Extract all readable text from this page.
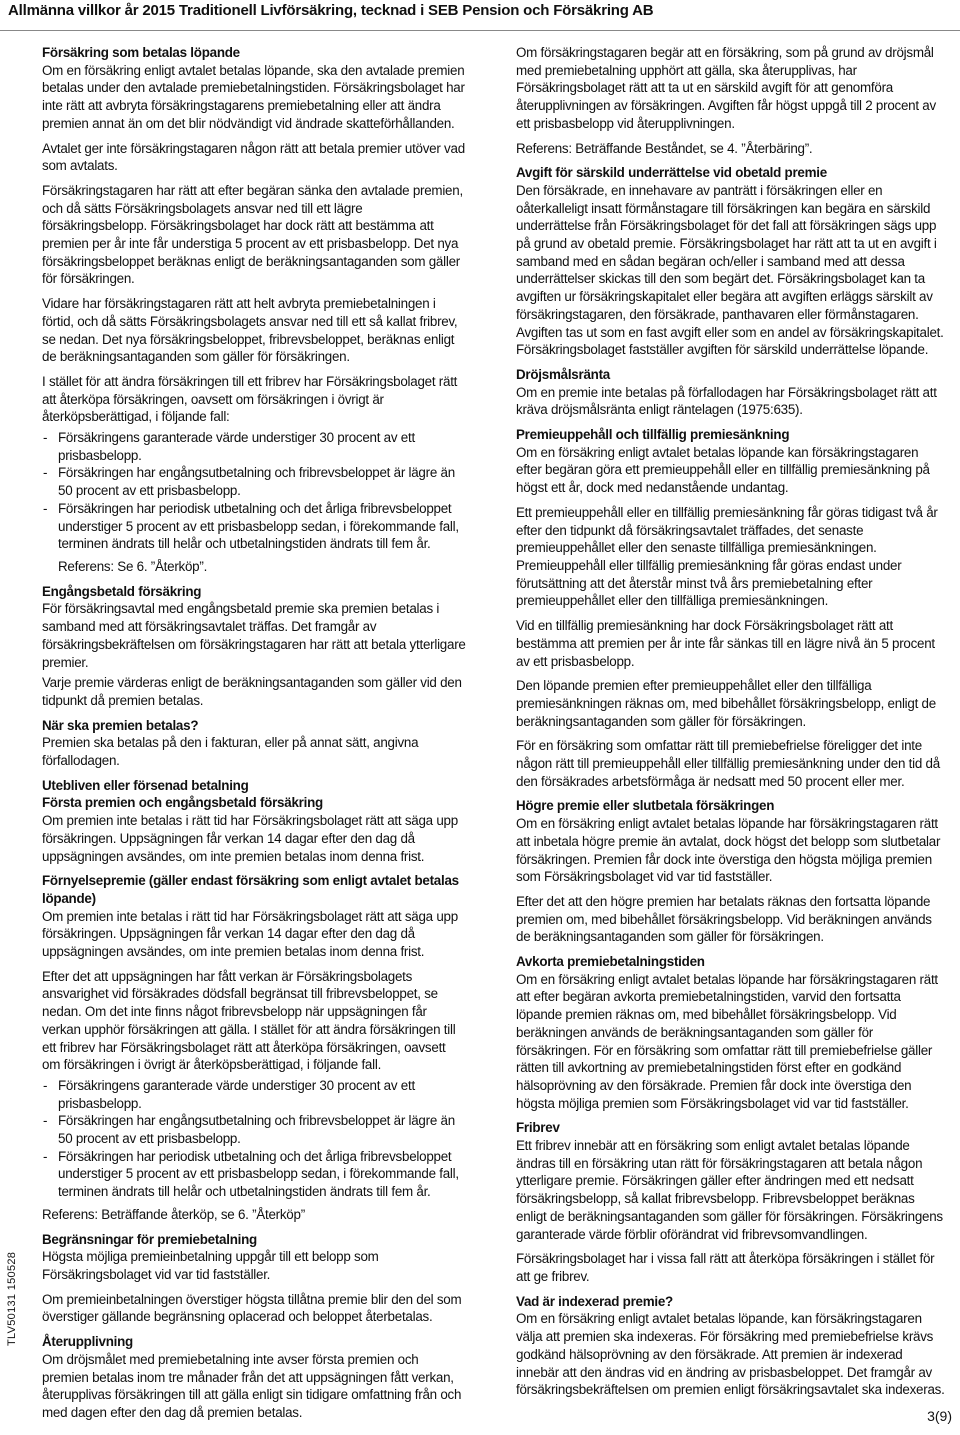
Allmänna villkor år 2015 Traditionell Livförsäkring, tecknad i SEB Pension och Försäkring AB

Försäkring som betalas löpande

Om en försäkring enligt avtalet betalas löpande, ska den avtalade premien betalas under den avtalade premiebetalningstiden. Försäkringsbolaget har inte rätt att avbryta försäkringstagarens premiebetalning eller att ändra premien annat än om det blir nödvändigt vid ändrade skatteförhållanden.

Avtalet ger inte försäkringstagaren någon rätt att betala premier utöver vad som avtalats.

Försäkringstagaren har rätt att efter begäran sänka den avtalade premien, och då sätts Försäkringsbolagets ansvar ned till ett lägre försäkringsbelopp. Försäkringsbolaget har dock rätt att bestämma att premien per år inte får understiga 5 procent av ett prisbasbelopp. Det nya försäkringsbeloppet beräknas enligt de beräkningsantaganden som gäller för försäkringen.

Vidare har försäkringstagaren rätt att helt avbryta premiebetalningen i förtid, och då sätts Försäkringsbolagets ansvar ned till ett så kallat fribrev, se nedan. Det nya försäkringsbeloppet, fribrevsbeloppet, beräknas enligt de beräkningsantaganden som gäller för försäkringen.

I stället för att ändra försäkringen till ett fribrev har Försäkringsbolaget rätt att återköpa försäkringen, oavsett om försäkringen i övrigt är återköpsberättigad, i följande fall:

- Försäkringens garanterade värde understiger 30 procent av ett prisbasbelopp.
- Försäkringen har engångsutbetalning och fribrevsbeloppet är lägre än 50 procent av ett prisbasbelopp.
- Försäkringen har periodisk utbetalning och det årliga fribrevsbeloppet understiger 5 procent av ett prisbasbelopp sedan, i förekommande fall, terminen ändrats till helår och utbetalningstiden ändrats till fem år.

Referens: Se 6. ”Återköp”.

Engångsbetald försäkring

För försäkringsavtal med engångsbetald premie ska premien betalas i samband med att försäkringsavtalet träffas. Det framgår av försäkringsbekräftelsen om försäkringstagaren har rätt att betala ytterligare premier.

Varje premie värderas enligt de beräkningsantaganden som gäller vid den tidpunkt då premien betalas.

När ska premien betalas?

Premien ska betalas på den i fakturan, eller på annat sätt, angivna förfallodagen.

Utebliven eller försenad betalning

Första premien och engångsbetald försäkring

Om premien inte betalas i rätt tid har Försäkringsbolaget rätt att säga upp försäkringen. Uppsägningen får verkan 14 dagar efter den dag då uppsägningen avsändes, om inte premien betalas inom denna frist.

Förnyelsepremie (gäller endast försäkring som enligt avtalet betalas löpande)

Om premien inte betalas i rätt tid har Försäkringsbolaget rätt att säga upp försäkringen. Uppsägningen får verkan 14 dagar efter den dag då uppsägningen avsändes, om inte premien betalas inom denna frist.

Efter det att uppsägningen har fått verkan är Försäkringsbolagets ansvarighet vid försäkrades dödsfall begränsat till fribrevsbeloppet, se nedan. Om det inte finns något fribrevsbelopp när uppsägningen får verkan upphör försäkringen att gälla. I stället för att ändra försäkringen till ett fribrev har Försäkringsbolaget rätt att återköpa försäkringen, oavsett om försäkringen i övrigt är återköpsberättigad, i följande fall.

- Försäkringens garanterade värde understiger 30 procent av ett prisbasbelopp.
- Försäkringen har engångsutbetalning och fribrevsbeloppet är lägre än 50 procent av ett prisbasbelopp.
- Försäkringen har periodisk utbetalning och det årliga fribrevsbeloppet understiger 5 procent av ett prisbasbelopp sedan, i förekommande fall, terminen ändrats till helår och utbetalningstiden ändrats till fem år.

Referens: Beträffande återköp, se 6. ”Återköp”

Begränsningar för premiebetalning

Högsta möjliga premieinbetalning uppgår till ett belopp som Försäkringsbolaget vid var tid fastställer.

Om premieinbetalningen överstiger högsta tillåtna premie blir den del som överstiger gällande begränsning oplacerad och beloppet återbetalas.

Återupplivning

Om dröjsmålet med premiebetalning inte avser första premien och premien betalas inom tre månader från det att uppsägningen fått verkan, återupplivas försäkringen till att gälla enligt sin tidigare omfattning från och med dagen efter den dag då premien betalas.

Om försäkringstagaren begär att en försäkring, som på grund av dröjsmål med premiebetalning upphört att gälla, ska återupplivas, har Försäkringsbolaget rätt att ta ut en särskild avgift för att genomföra återupplivningen av försäkringen. Avgiften får högst uppgå till 2 procent av ett prisbasbelopp vid återupplivningen.

Referens: Beträffande Beståndet, se 4. ”Återbäring”.

Avgift för särskild underrättelse vid obetald premie

Den försäkrade, en innehavare av panträtt i försäkringen eller en oåterkalleligt insatt förmånstagare till försäkringen kan begära en särskild underrättelse från Försäkringsbolaget för det fall att försäkringen sägs upp på grund av obetald premie. Försäkringsbolaget har rätt att ta ut en avgift i samband med en sådan begäran och/eller i samband med att dessa underrättelser skickas till den som begärt det. Försäkringsbolaget kan ta avgiften ur försäkringskapitalet eller begära att avgiften erläggs särskilt av försäkringstagaren, den försäkrade, panthavaren eller förmånstagaren. Avgiften tas ut som en fast avgift eller som en andel av försäkringskapitalet. Försäkringsbolaget fastställer avgiften för särskild underrättelse löpande.

Dröjsmålsränta

Om en premie inte betalas på förfallodagen har Försäkringsbolaget rätt att kräva dröjsmålsränta enligt räntelagen (1975:635).

Premieuppehåll och tillfällig premiesänkning

Om en försäkring enligt avtalet betalas löpande kan försäkringstagaren efter begäran göra ett premieuppehåll eller en tillfällig premiesänkning på högst ett år, dock med nedanstående undantag.

Ett premieuppehåll eller en tillfällig premiesänkning får göras tidigast två år efter den tidpunkt då försäkringsavtalet träffades, det senaste premieuppehållet eller den senaste tillfälliga premiesänkningen. Premieuppehåll eller tillfällig premiesänkning får göras endast under förutsättning att det återstår minst två års premiebetalning efter premieuppehållet eller den tillfälliga premiesänkningen.

Vid en tillfällig premiesänkning har dock Försäkringsbolaget rätt att bestämma att premien per år inte får sänkas till en lägre nivå än 5 procent av ett prisbasbelopp.

Den löpande premien efter premieuppehållet eller den tillfälliga premiesänkningen räknas om, med bibehållet försäkringsbelopp, enligt de beräkningsantaganden som gäller för försäkringen.

För en försäkring som omfattar rätt till premiebefrielse föreligger det inte någon rätt till premieuppehåll eller tillfällig premiesänkning under den tid då den försäkrades arbetsförmåga är nedsatt med 50 procent eller mer.

Högre premie eller slutbetala försäkringen

Om en försäkring enligt avtalet betalas löpande har försäkringstagaren rätt att inbetala högre premie än avtalat, dock högst det belopp som slutbetalar försäkringen. Premien får dock inte överstiga den högsta möjliga premien som Försäkringsbolaget vid var tid fastställer.

Efter det att den högre premien har betalats räknas den fortsatta löpande premien om, med bibehållet försäkringsbelopp. Vid beräkningen används de beräkningsantaganden som gäller för försäkringen.

Avkorta premiebetalningstiden

Om en försäkring enligt avtalet betalas löpande har försäkringstagaren rätt att efter begäran avkorta premiebetalningstiden, varvid den fortsatta löpande premien räknas om, med bibehållet försäkringsbelopp. Vid beräkningen används de beräkningsantaganden som gäller för försäkringen. För en försäkring som omfattar rätt till premiebefrielse gäller rätten till avkortning av premiebetalningstiden först efter en godkänd hälsoprövning av den försäkrade. Premien får dock inte överstiga den högsta möjliga premien som Försäkringsbolaget vid var tid fastställer.

Fribrev

Ett fribrev innebär att en försäkring som enligt avtalet betalas löpande ändras till en försäkring utan rätt för försäkringstagaren att betala någon ytterligare premie. Försäkringen gäller efter ändringen med ett nedsatt försäkringsbelopp, så kallat fribrevsbelopp. Fribrevsbeloppet beräknas enligt de beräkningsantaganden som gäller för försäkringen. Försäkringens garanterade värde förblir oförändrat vid fribrevsomvandlingen.

Försäkringsbolaget har i vissa fall rätt att återköpa försäkringen i stället för att ge fribrev.

Vad är indexerad premie?

Om en försäkring enligt avtalet betalas löpande, kan försäkringstagaren välja att premien ska indexeras. För försäkring med premiebefrielse krävs godkänd hälsoprövning av den försäkrade. Att premien är indexerad innebär att den ändras vid en ändring av prisbasbeloppet. Det framgår av försäkringsbekräftelsen om premien enligt försäkringsavtalet ska indexeras.

TLV50131 150528
3(9)
